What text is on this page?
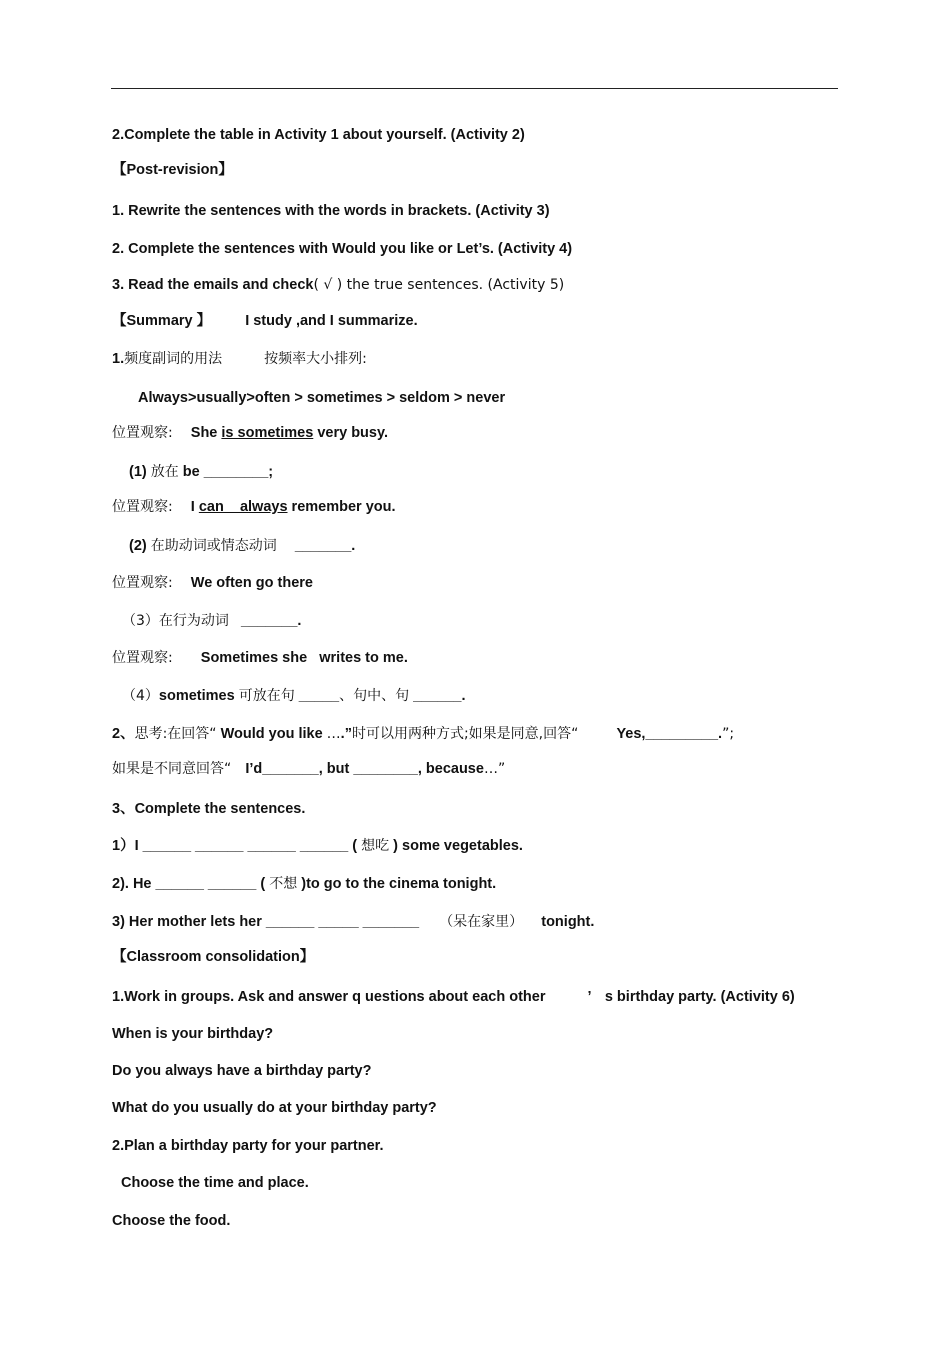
2.Complete the table in Activity 1 about yourself. (Activity 2)
【Post-revision】
1. Rewrite the sentences with the words in brackets. (Activity 3)
2. Complete the sentences with Would you like or Let’s. (Activity 4)
3. Read the emails and check( √ ) the true sentences. (Activity 5)
【Summary 】 I study ,and I summarize.
1.频度副词的用法	按频率大小排列:
Always>usually>often > sometimes > seldom > never
位置观察: She is sometimes very busy.
(1) 放在 be ________;
位置观察: I can    always remember you.
(2) 在助动词或情态动词 _______.
位置观察: We often go there
（3）在行为动词 _______.
位置观察: Sometimes she   writes to me.
（4）sometimes 可放在句 _____、句中、句 ______.
2、思考:在回答“ Would you like ….”时可以用两种方式;如果是同意,回答“	Yes,_________.”;
如果是不同意回答“ I’d_______, but ________, because…”
3、Complete the sentences.
1）I ______ ______ ______ ______ ( 想吃 ) some vegetables.
2). He ______ ______ ( 不想 )to go to the cinema tonight.
3) Her mother lets her ______ _____ _______ （呆在家里） tonight.
【Classroom consolidation】
1.Work in groups. Ask and answer q uestions about each other	’ s birthday party. (Activity 6)
When is your birthday?
Do you always have a birthday party?
What do you usually do at your birthday party?
2.Plan a birthday party for your partner.
Choose the time and place.
Choose the food.
